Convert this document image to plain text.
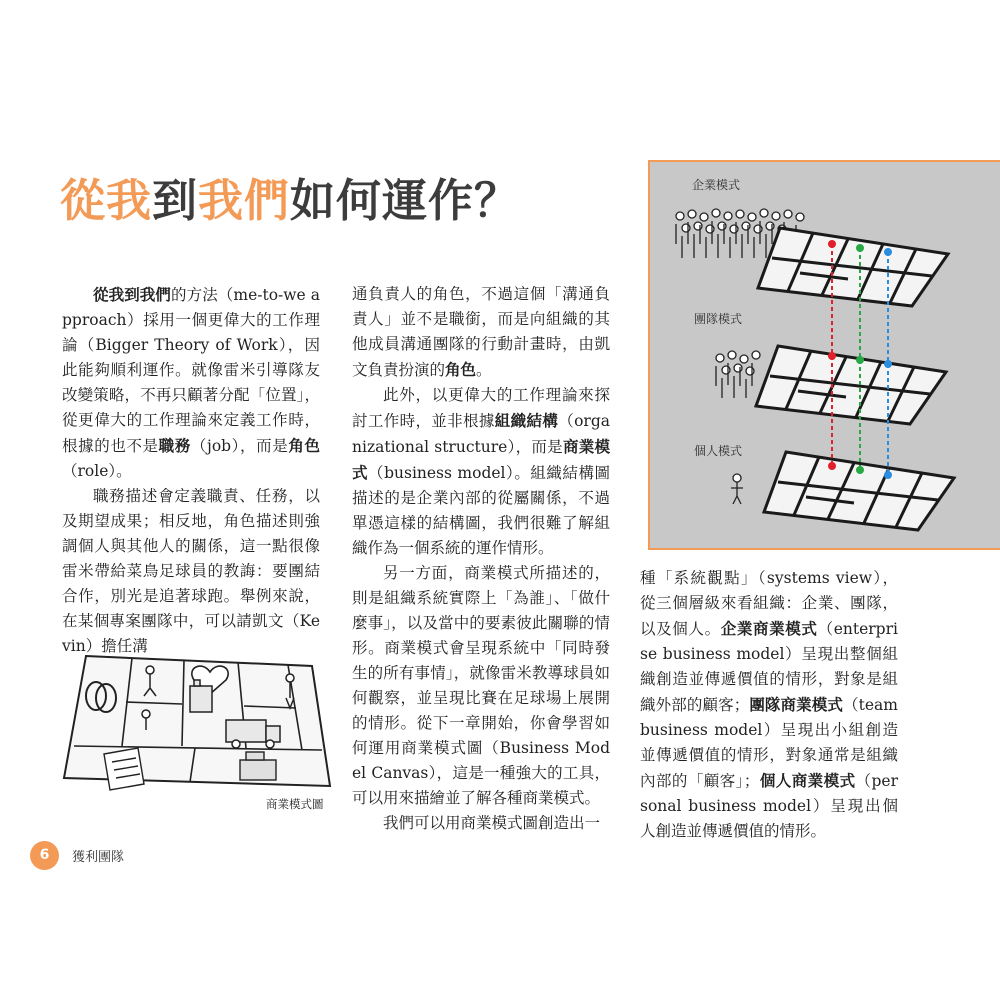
從我到我們如何運作？

從我到我們的方法（me-to-we approach）採用一個更偉大的工作理論（Bigger Theory of Work），因此能夠順利運作。就像雷米引導隊友改變策略，不再只顧著分配「位置」，從更偉大的工作理論來定義工作時，根據的也不是職務（job），而是角色（role）。

職務描述會定義職責、任務，以及期望成果；相反地，角色描述則強調個人與其他人的關係，這一點很像雷米帶給菜鳥足球員的教誨：要團結合作，別光是追著球跑。舉例來說，在某個專案團隊中，可以請凱文（Kevin）擔任溝

通負責人的角色，不過這個「溝通負責人」並不是職銜，而是向組織的其他成員溝通團隊的行動計畫時，由凱文負責扮演的角色。

此外，以更偉大的工作理論來探討工作時，並非根據組織結構（organizational structure），而是商業模式（business model）。組織結構圖描述的是企業內部的從屬關係，不過單憑這樣的結構圖，我們很難了解組織作為一個系統的運作情形。

另一方面，商業模式所描述的，則是組織系統實際上「為誰」、「做什麼事」，以及當中的要素彼此關聯的情形。商業模式會呈現系統中「同時發生的所有事情」，就像雷米教導球員如何觀察，並呈現比賽在足球場上展開的情形。從下一章開始，你會學習如何運用商業模式圖（Business Model Canvas），這是一種強大的工具，可以用來描繪並了解各種商業模式。

我們可以用商業模式圖創造出一

種「系統觀點」（systems view），從三個層級來看組織：企業、團隊，以及個人。企業商業模式（enterprise business model）呈現出整個組織創造並傳遞價值的情形，對象是組織外部的顧客；團隊商業模式（team business model）呈現出小組創造並傳遞價值的情形，對象通常是組織內部的「顧客」；個人商業模式（personal business model）呈現出個人創造並傳遞價值的情形。

企業模式
團隊模式
個人模式
商業模式圖
6	獲利團隊
